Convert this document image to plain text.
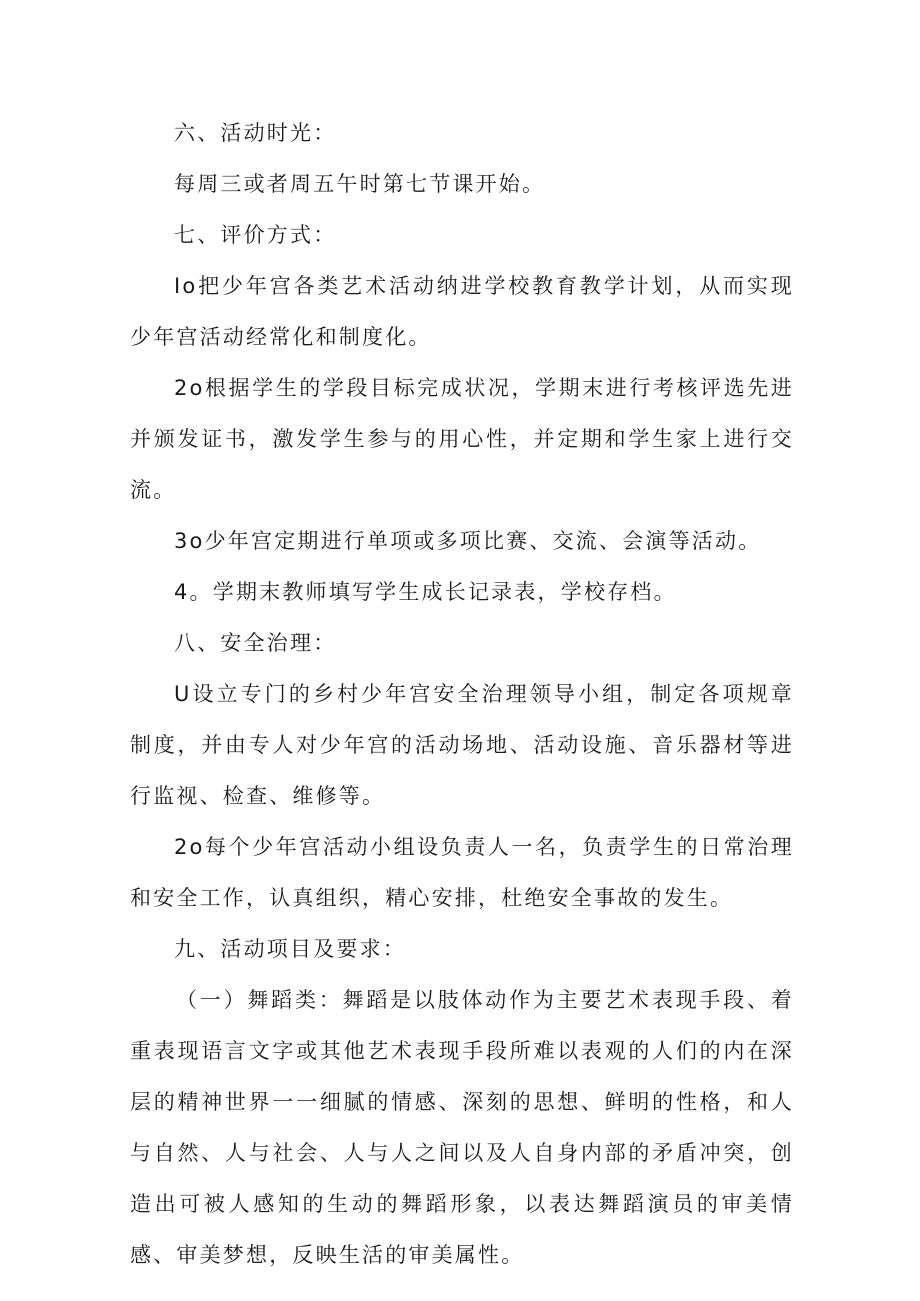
六、活动时光：

每周三或者周五午时第七节课开始。

七、评价方式：

Io把少年宫各类艺术活动纳进学校教育教学计划，从而实现少年宫活动经常化和制度化。

2o根据学生的学段目标完成状况，学期末进行考核评选先进并颁发证书，激发学生参与的用心性，并定期和学生家上进行交流。

3o少年宫定期进行单项或多项比赛、交流、会演等活动。

4。学期末教师填写学生成长记录表，学校存档。

八、安全治理：

U设立专门的乡村少年宫安全治理领导小组，制定各项规章制度，并由专人对少年宫的活动场地、活动设施、音乐器材等进行监视、检查、维修等。

2o每个少年宫活动小组设负责人一名，负责学生的日常治理和安全工作，认真组织，精心安排，杜绝安全事故的发生。

九、活动项目及要求：

（一）舞蹈类：舞蹈是以肢体动作为主要艺术表现手段、着重表现语言文字或其他艺术表现手段所难以表观的人们的内在深层的精神世界一一细腻的情感、深刻的思想、鲜明的性格，和人与自然、人与社会、人与人之间以及人自身内部的矛盾冲突，创造出可被人感知的生动的舞蹈形象，以表达舞蹈演员的审美情感、审美梦想，反映生活的审美属性。
